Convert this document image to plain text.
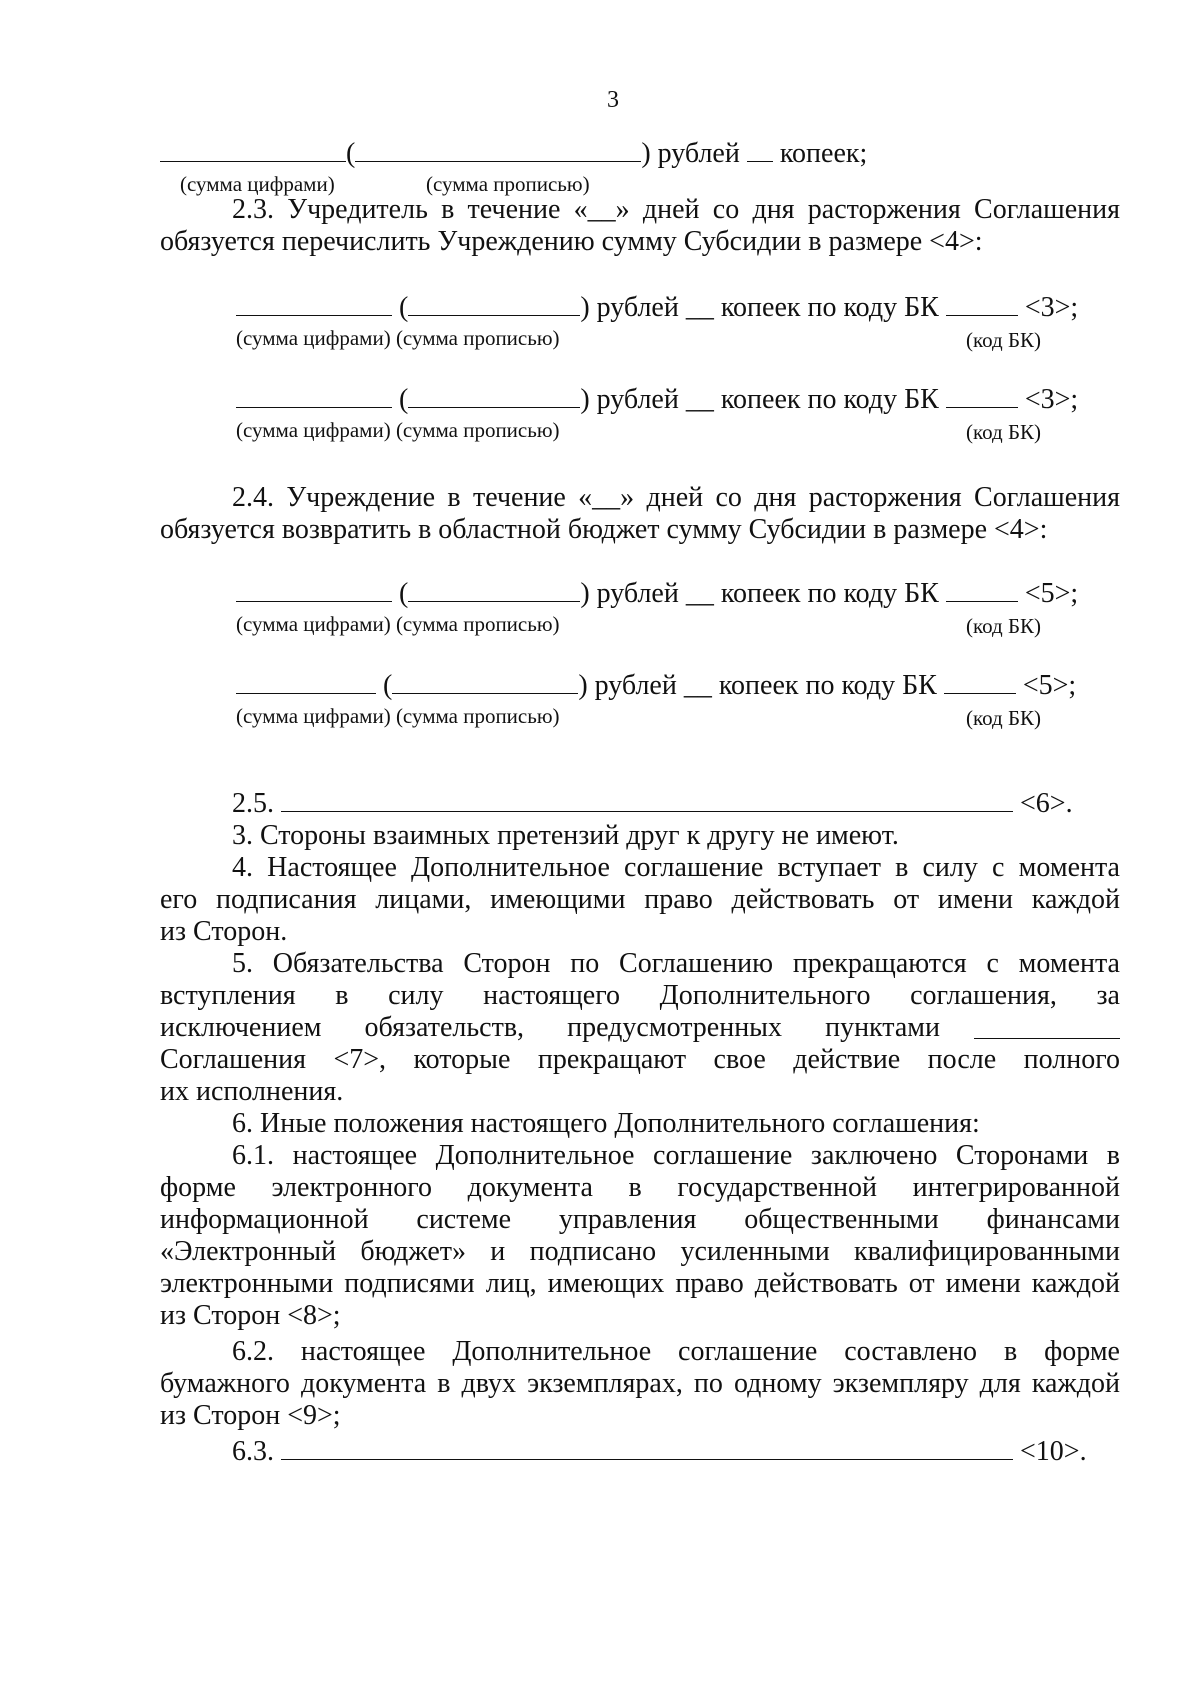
3
(	) рублей копеек;
(сумма цифрами)	(сумма прописью)
2.3. Учредитель в течение «__» дней со дня расторжения Соглашения
обязуется перечислить Учреждению сумму Субсидии в размере <4>:
(	) рублей __ копеек по коду БК	<3>;
(сумма цифрами) (сумма прописью)	(код БК)
(	) рублей __ копеек по коду БК	<3>;
(сумма цифрами) (сумма прописью)	(код БК)
2.4. Учреждение в течение «__» дней со дня расторжения Соглашения
обязуется возвратить в областной бюджет сумму Субсидии в размере <4>:
(	) рублей __ копеек по коду БК	<5>;
(сумма цифрами) (сумма прописью)	(код БК)
(	) рублей __ копеек по коду БК	<5>;
(сумма цифрами) (сумма прописью)	(код БК)
2.5.	<6>.
3. Стороны взаимных претензий друг к другу не имеют.
4. Настоящее Дополнительное соглашение вступает в силу с момента
его подписания лицами, имеющими право действовать от имени каждой
из Сторон.
5. Обязательства Сторон по Соглашению прекращаются с момента
вступления в силу настоящего Дополнительного соглашения, за
исключением обязательств, предусмотренных пунктами
Соглашения <7>, которые прекращают свое действие после полного
их исполнения.
6. Иные положения настоящего Дополнительного соглашения:
6.1. настоящее Дополнительное соглашение заключено Сторонами в
форме электронного документа в государственной интегрированной
информационной системе управления общественными финансами
«Электронный бюджет» и подписано усиленными квалифицированными
электронными подписями лиц, имеющих право действовать от имени каждой
из Сторон <8>;
6.2. настоящее Дополнительное соглашение составлено в форме
бумажного документа в двух экземплярах, по одному экземпляру для каждой
из Сторон <9>;
6.3.	<10>.
